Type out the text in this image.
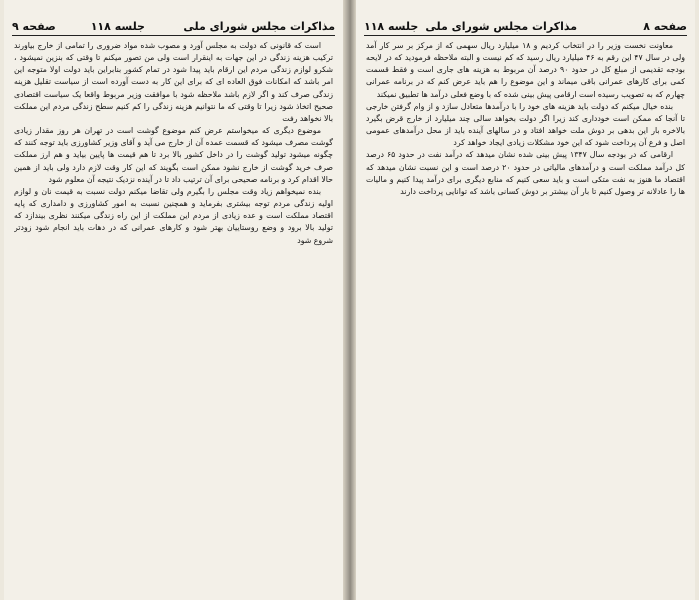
مذاکرات مجلس شورای ملی
جلسه ۱۱۸
صفحه ۹

است که قانونی که دولت به مجلس آورد و مصوب شده مواد ضروری را تمامی از خارج بیاورند ترکیب هزینه زندگی در این جهات به اینقرار است ولی من تصور میکنم تا وقتی که بنزین نمیشود ، شکرو لوازم زندگی مردم این ارقام باید پیدا شود در تمام کشور بنابراین باید دولت اولا متوجه این امر باشد که امکانات فوق العاده ای که برای این کار به دست آورده است از سیاست تقلیل هزینه زندگی صرف کند و اگر لازم باشد ملاحظه شود با موافقت وزیر مربوط واقعا یک سیاست اقتصادی صحیح اتخاذ شود زیرا تا وقتی که ما نتوانیم هزینه زندگی را کم کنیم سطح زندگی مردم این مملکت بالا نخواهد رفت

موضوع دیگری که میخواستم عرض کنم موضوع گوشت است در تهران هر روز مقدار زیادی گوشت مصرف میشود که قسمت عمده آن از خارج می آید و آقای وزیر کشاورزی باید توجه کنند که چگونه میشود تولید گوشت را در داخل کشور بالا برد تا هم قیمت ها پایین بیاید و هم ارز مملکت صرف خرید گوشت از خارج نشود ممکن است بگویند که این کار وقت لازم دارد ولی باید از همین حالا اقدام کرد و برنامه صحیحی برای آن ترتیب داد تا در آینده نزدیک نتیجه آن معلوم شود

بنده نمیخواهم زیاد وقت مجلس را بگیرم ولی تقاضا میکنم دولت نسبت به قیمت نان و لوازم اولیه زندگی مردم توجه بیشتری بفرماید و همچنین نسبت به امور کشاورزی و دامداری که پایه اقتصاد مملکت است و عده زیادی از مردم این مملکت از این راه زندگی میکنند نظری بیندازد که تولید بالا برود و وضع روستاییان بهتر شود و کارهای عمرانی که در دهات باید انجام شود زودتر شروع شود

صفحه ۸
مذاکرات مجلس شورای ملی
جلسه ۱۱۸

معاونت نخست وزیر را در انتخاب کردیم و ۱۸ میلیارد ریال سهمی که از مرکز بر سر کار آمد ولی در سال ۴۷ این رقم به ۴۶ میلیارد ریال رسید که کم نیست و البته ملاحظه فرمودید که در لایحه بودجه تقدیمی از مبلغ کل در حدود ۹۰ درصد آن مربوط به هزینه های جاری است و فقط قسمت کمی برای کارهای عمرانی باقی میماند و این موضوع را هم باید عرض کنم که در برنامه عمرانی چهارم که به تصویب رسیده است ارقامی پیش بینی شده که با وضع فعلی درآمد ها تطبیق نمیکند

بنده خیال میکنم که دولت باید هزینه های خود را با درآمدها متعادل سازد و از وام گرفتن خارجی تا آنجا که ممکن است خودداری کند زیرا اگر دولت بخواهد سالی چند میلیارد از خارج قرض بگیرد بالاخره بار این بدهی بر دوش ملت خواهد افتاد و در سالهای آینده باید از محل درآمدهای عمومی اصل و فرع آن پرداخت شود که این خود مشکلات زیادی ایجاد خواهد کرد

ارقامی که در بودجه سال ۱۳۴۷ پیش بینی شده نشان میدهد که درآمد نفت در حدود ۶۵ درصد کل درآمد مملکت است و درآمدهای مالیاتی در حدود ۲۰ درصد است و این نسبت نشان میدهد که اقتصاد ما هنوز به نفت متکی است و باید سعی کنیم که منابع دیگری برای درآمد پیدا کنیم و مالیات ها را عادلانه تر وصول کنیم تا بار آن بیشتر بر دوش کسانی باشد که توانایی پرداخت دارند
